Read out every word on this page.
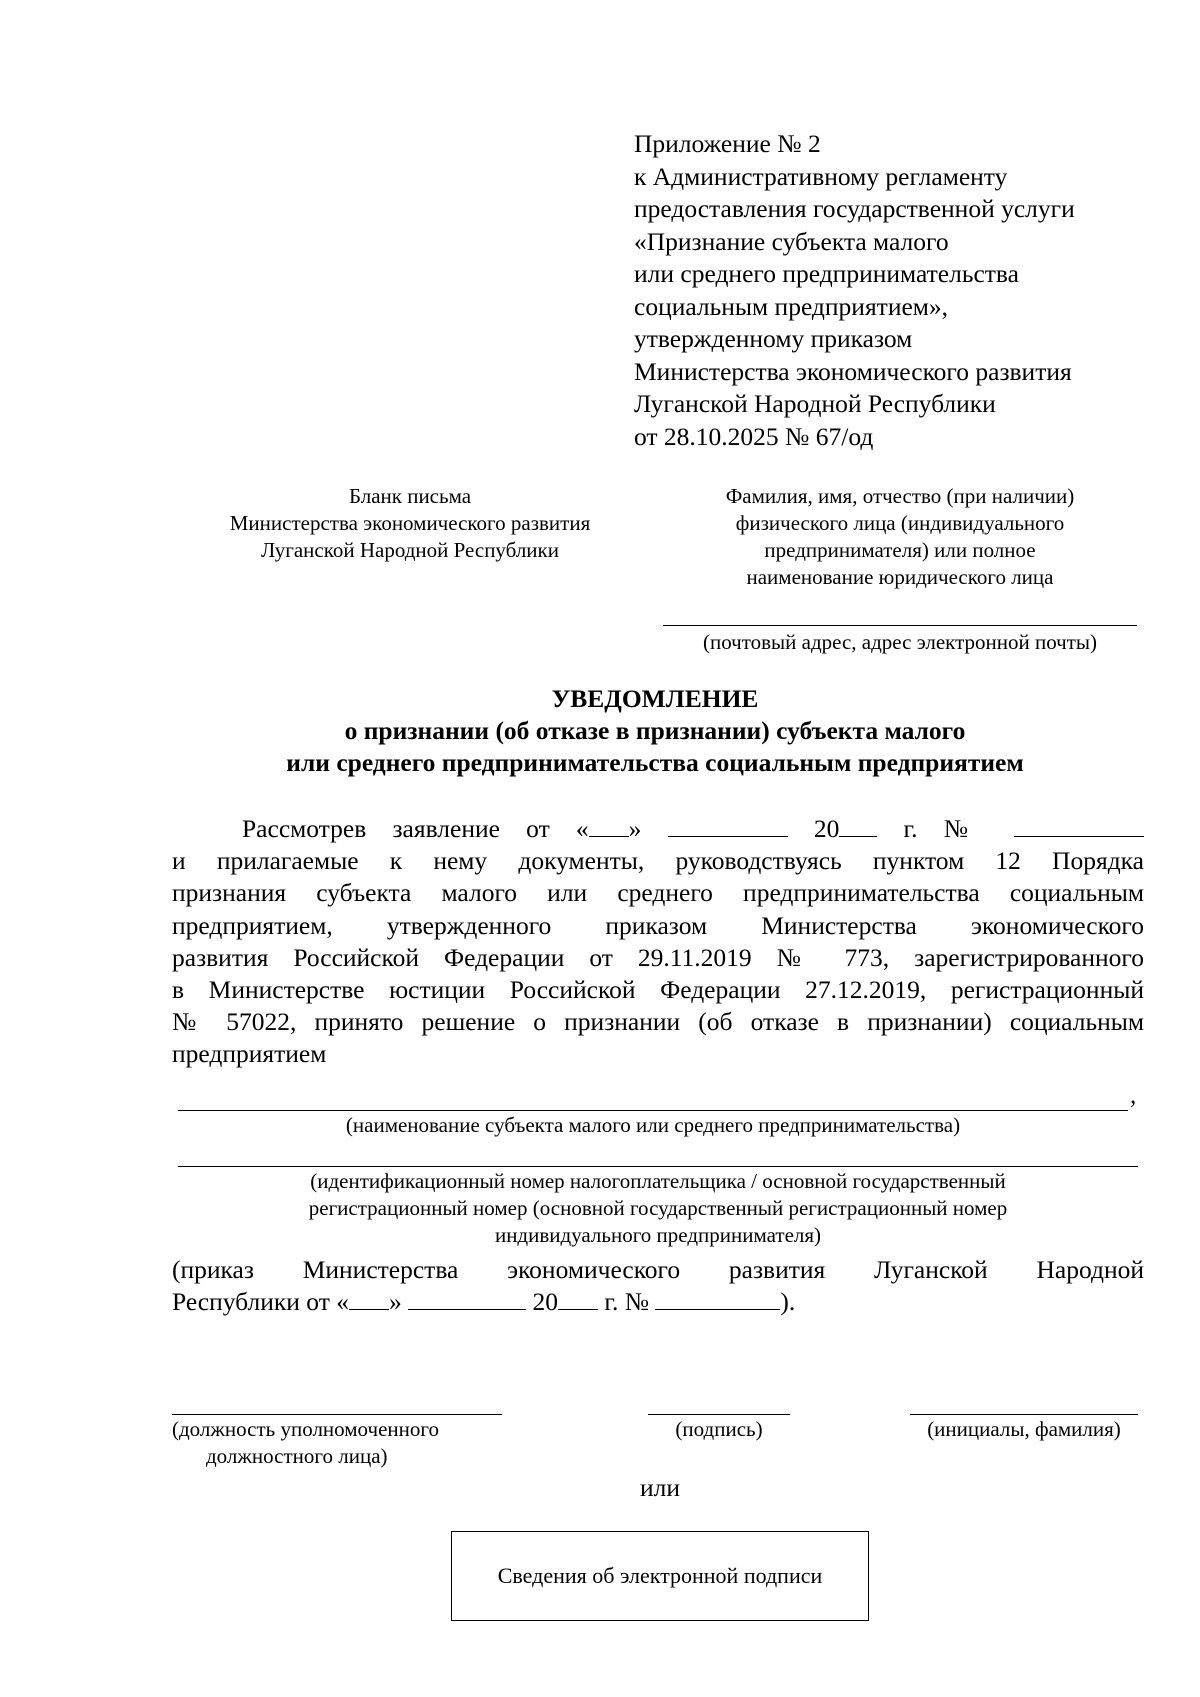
Приложение № 2
к Административному регламенту
предоставления государственной услуги
«Признание субъекта малого
или среднего предпринимательства
социальным предприятием»,
утвержденному приказом
Министерства экономического развития
Луганской Народной Республики
от 28.10.2025 № 67/од
Бланк письма
Министерства экономического развития
Луганской Народной Республики
Фамилия, имя, отчество (при наличии)
физического лица (индивидуального
предпринимателя) или полное
наименование юридического лица
(почтовый адрес, адрес электронной почты)
УВЕДОМЛЕНИЕ
о признании (об отказе в признании) субъекта малого
или среднего предпринимательства социальным предприятием
Рассмотрев заявление от « »	20	г. №
и прилагаемые к нему документы, руководствуясь пунктом 12 Порядка
признания субъекта малого или среднего предпринимательства социальным
предприятием, утвержденного приказом Министерства экономического
развития Российской Федерации от 29.11.2019 № 773, зарегистрированного
в Министерстве юстиции Российской Федерации 27.12.2019, регистрационный
№ 57022, принято решение о признании (об отказе в признании) социальным
предприятием
,
(наименование субъекта малого или среднего предпринимательства)
(идентификационный номер налогоплательщика / основной государственный
регистрационный номер (основной государственный регистрационный номер
индивидуального предпринимателя)
(приказ Министерства экономического развития Луганской Народной
Республики от « »	20 г. №	).
(должность уполномоченного
должностного лица)
(подпись)	(инициалы, фамилия)
или
Сведения об электронной подписи
